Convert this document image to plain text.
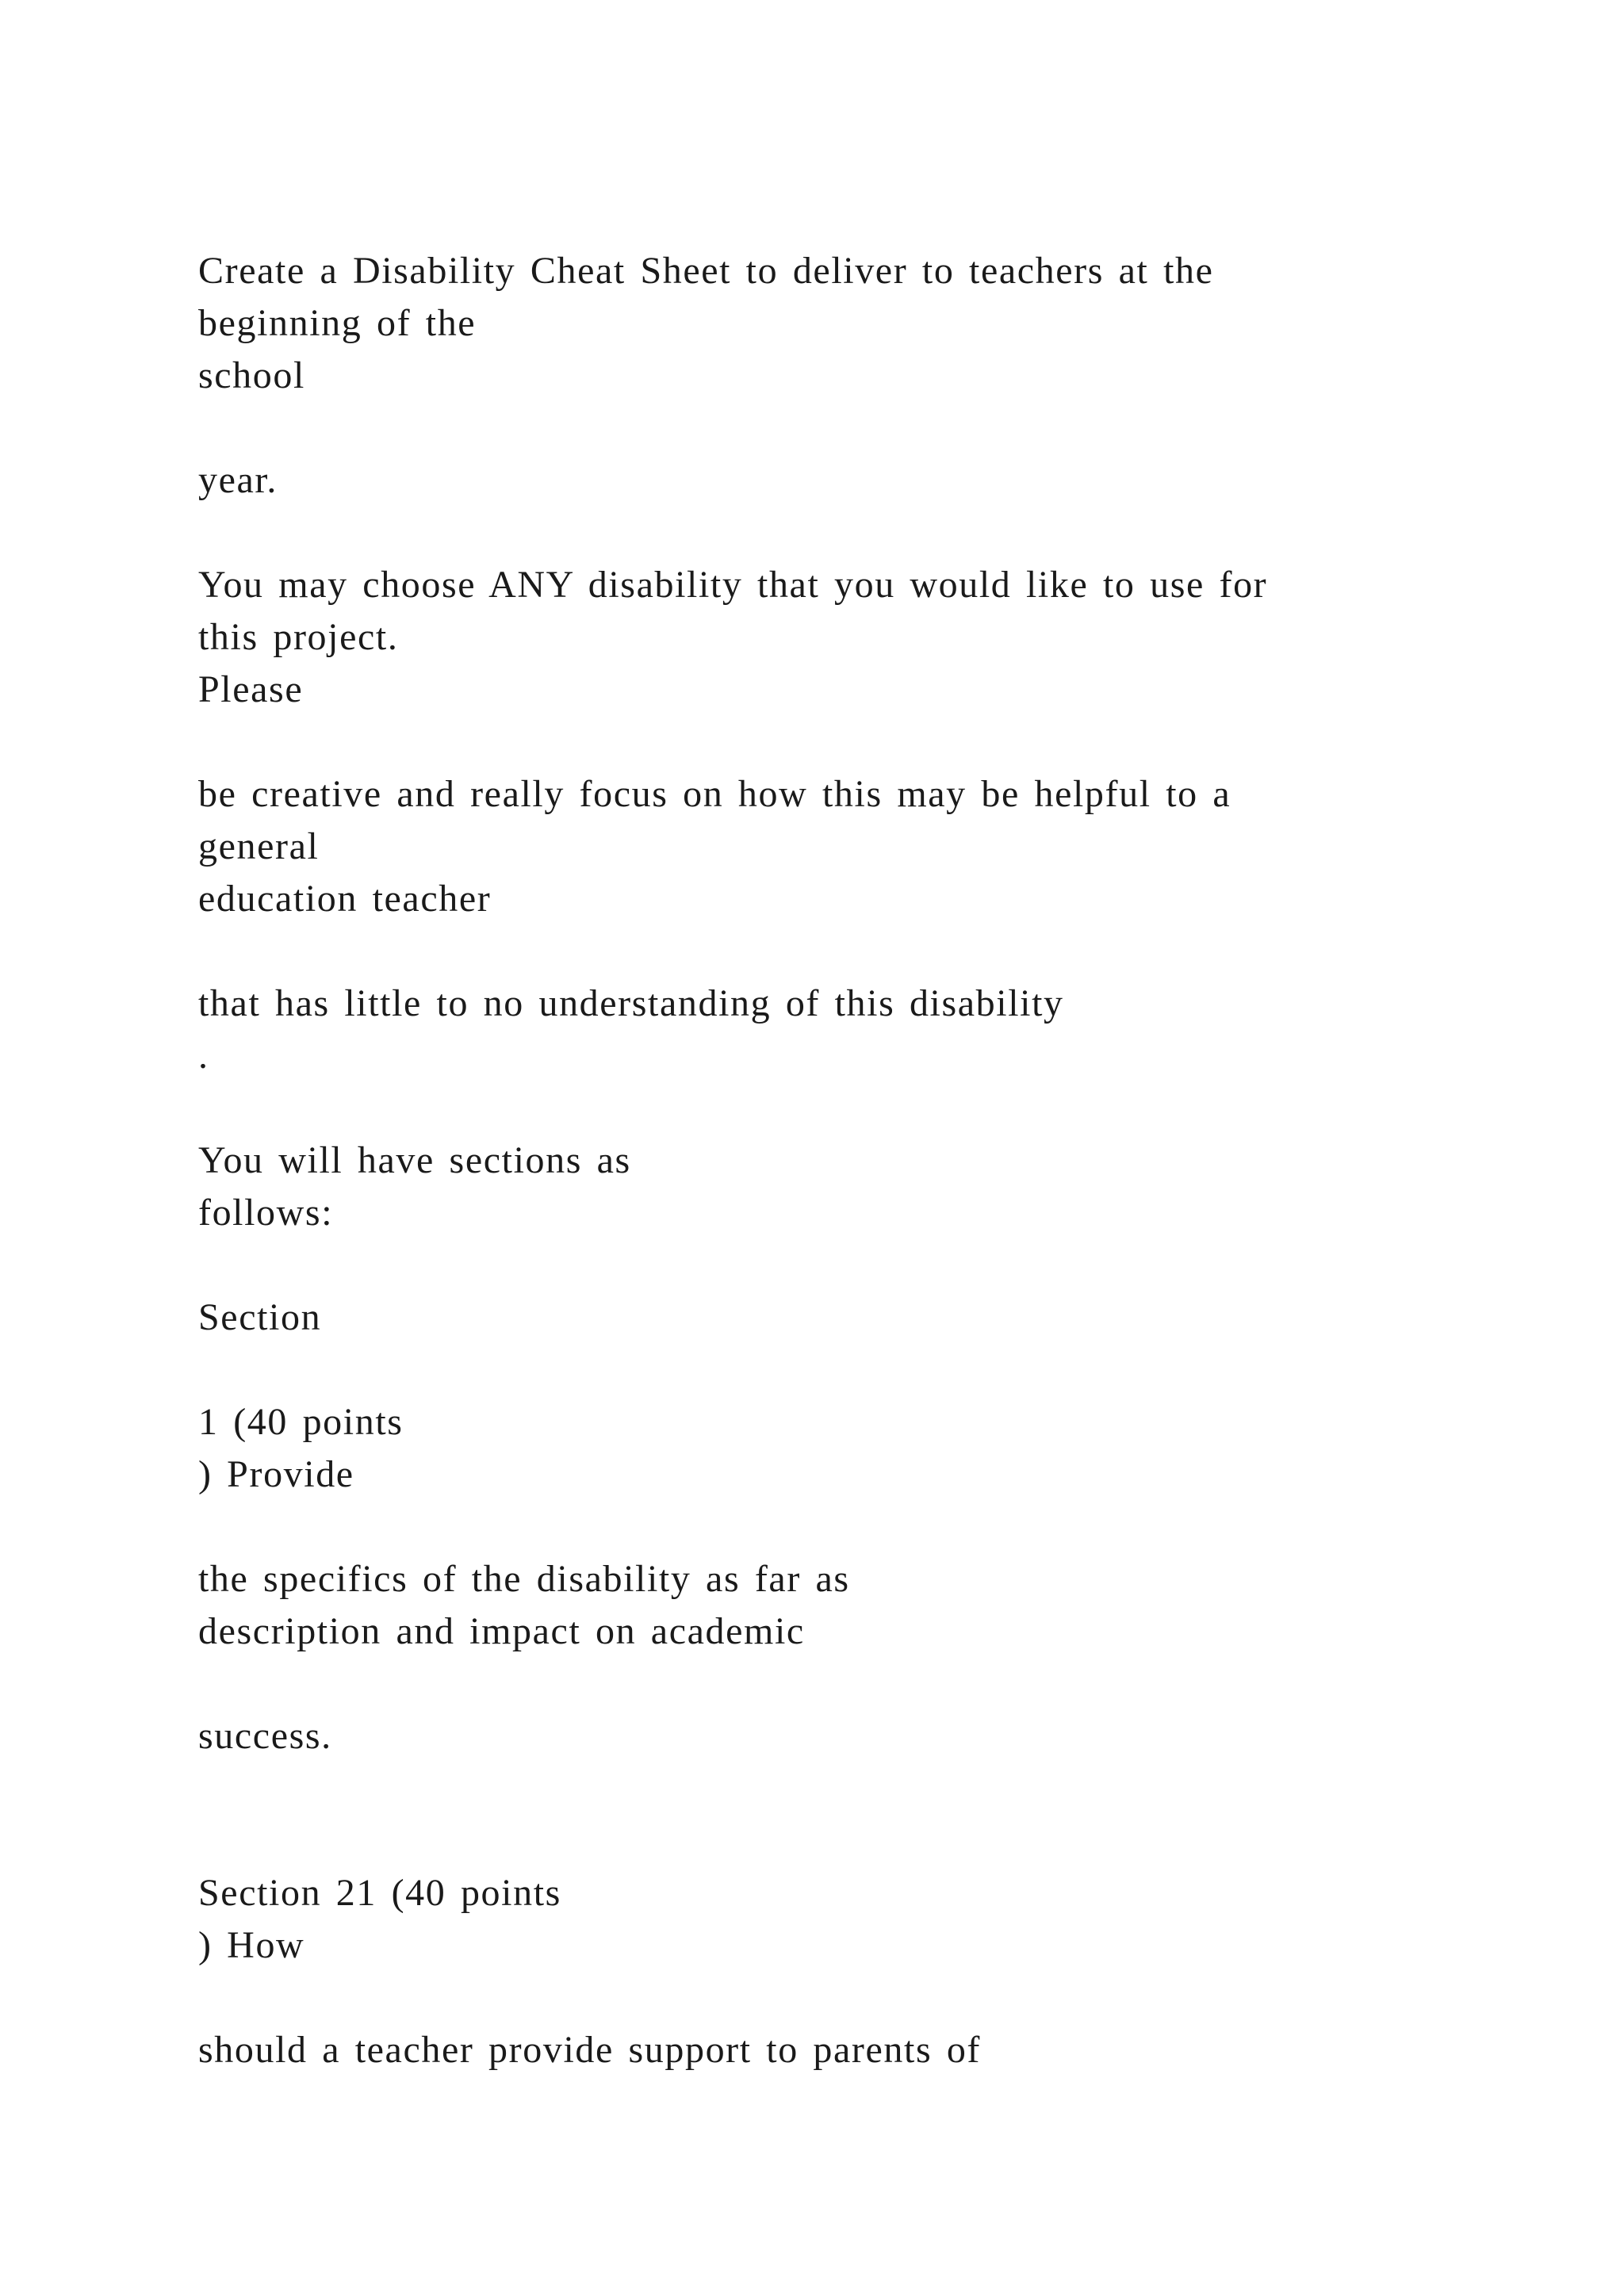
Create a Disability Cheat Sheet to deliver to teachers at the

beginning of the

school

year.

You may choose ANY disability that you would like to use for

this project.

Please

be creative and really focus on how this may be helpful to a

general

education teacher

that has little to no understanding of this disability

.

You will have sections as

follows:

Section

1 (40 points

) Provide

the specifics of the disability as far as

description and impact on academic

success.

Section 21 (40 points

) How

should a teacher provide support to parents of
